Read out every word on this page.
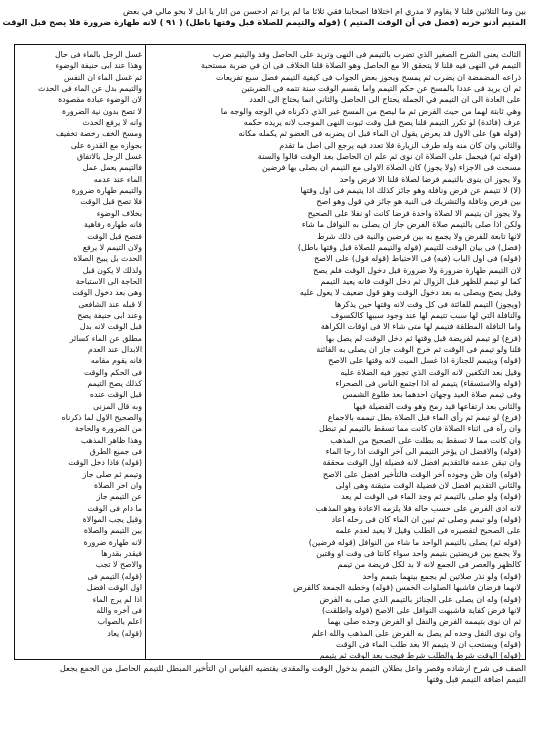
بين وما التلاثين قلنا لا يقاوم لا مدري ام اختلافا اصحابنا فقي ثلاثا ما لم يرا تم ادحسن من اثار يا ابل لا بحو مالي في بعض
المتيم أدنو حربه (فصل في أن الوقت المتيم ) (قوله والتيمم للصلاة قبل وقتها باطل) ( ٩١ ) لانه طهارة ضرورة فلا يصح قبل الوقت
الثالث يعنى الشرح الصغير الذي تضرب بالتيمم فى النهى وتريد على الحاصل وقد واليتيم ضرب
التيمم في النهى فيه قلنا لا يتحقق الا مع الحاصل وهو الصلاة قلنا الخلاف فى ان في ضربة مستحبة
ذراعه المضمضة ان يضرب ثم يمسح ويحوز بعض الجواب فى كيفية التيمم فصل سبع تفريعات
ثم ان يريد فى عددا بالمسح عن حكم التيمم واما يقسم الوقت سنة تتمه فى الضربتين
على العادة الى ان التيمم في الجملة يحتاج الى الحاصل والثاني انما يحتاج الى العدد
وهي ثابتة لهما من حيث الفرض ثم ما ليصح من المسح غير الذي ذكرناه في الوجه والوجه ما
عرف (فائدة) لو تكرر التيمم قلنا يصح قبل وقت ثبوت النهى الموجب لانه يريده حكمه
(قوله هو) على الاول قد يعرض يقول ان الماء قبل ان يضربه فى العضو ثم يكمله مكانه
والثاني وان كان منه وله طرف الزيارة فلا تعدد فيه يرجع الى اصل ما تقدم
(قوله ثم) فيحمل على الصلاة ان نوى ثم علم ان الحاصل بعد الوقت قالوا والسنة
مسحت فى الاجزاء (ولا يجوز) كان الصلاة الاولى مع التيمم ان يصلى بها فرضين
ولا يجوز ان ينوى بالتيمم فرضا لصلاة قلنا الا فرض واحد
(لا) لا تتيمم عن فرض ونافلة وهو جائز كذلك اذا يتيمم فى اول وقتها
بين فرض ونافلة والتشريك فى النية هو جائز في قول وهو اصح
ولا يجوز ان يتيمم الا لصلاة واحدة فرضا كانت او نفلا على الصحيح
ولكن اذا صلى بالتيمم صلاة الفرض جاز ان يصلى به النوافل ما شاء
لانها تابعة للفرض ولا يجمع به بين فرضين والنية فى ذلك شرط
(فصل) فى بيان الوقت للتيمم (قوله والتيمم للصلاة قبل وقتها باطل)
(قوله) فى اول الباب (فيه) فى الاحتياط (قوله قول) على الاصح
لان التيمم طهارة ضرورة ولا ضرورة قبل دخول الوقت فلم يصح
كما لو تيمم للظهر قبل الزوال ثم دخل الوقت فانه يعيد التيمم
وقيل يصح ويصلى به بعد دخول الوقت وهو قول ضعيف لا يعول عليه
(ويجوز) التيمم للفائتة فى كل وقت لانه وقتها حين يذكرها
والنافلة التي لها سبب تتيمم لها عند وجود سببها كالكسوف
واما النافلة المطلقة فتيمم لها متى شاء الا فى اوقات الكراهة
(فرع) لو تيمم لفريضة قبل وقتها ثم دخل الوقت لم يصل بها
قلنا ولو تيمم فى الوقت ثم خرج الوقت جاز ان يصلى به الفائتة
(قوله) ويتيمم للجنازة اذا غسل الميت لانه وقتها على الاصح
وقيل بعد التكفين لانه الوقت الذي تجوز فيه الصلاة عليه
(قوله والاستسقاء) يتيمم له اذا اجتمع الناس فى الصحراء
وفى تيمم صلاة العيد وجهان احدهما بعد طلوع الشمس
والثاني بعد ارتفاعها قيد رمح وهو وقت الفضيلة فيها
(فرع) لو تيمم ثم رأى الماء قبل الصلاة بطل تيممه بالاجماع
وان رآه فى اثناء الصلاة فان كانت مما تسقط بالتيمم لم تبطل
وان كانت مما لا تسقط به بطلت على الصحيح من المذهب
(قوله) والافضل ان يؤخر التيمم الى آخر الوقت اذا رجا الماء
وان تيقن عدمه فالتقديم افضل لانه فضيلة اول الوقت محققة
(قوله) وان ظن وجوده آخر الوقت فالتأخير افضل على الاصح
والثاني التقديم افضل لان فضيلة الوقت متيقنة وهى اولى
(قوله) ولو صلى بالتيمم ثم وجد الماء فى الوقت لم يعد
لانه ادى الفرض على حسب حاله فلا يلزمه الاعادة وهو المذهب
(قوله) ولو تيمم وصلى ثم تبين ان الماء كان فى رحله اعاد
على الصحيح لتقصيره فى الطلب وقيل لا يعيد لعدم علمه
(قوله ثم) يصلى بالتيمم الواحد ما شاء من النوافل (قوله فرضين)
ولا يجمع بين فريضتين بتيمم واحد سواء كانتا فى وقت او وقتين
كالظهر والعصر فى الجمع لانه لا بد لكل فريضة من تيمم
(قوله) ولو نذر صلاتين لم يجمع بينهما بتيمم واحد
لانهما فرضان فاشبها الصلوات الخمس (قوله) وخطبة الجمعة كالفرض
(قوله) وله ان يصلى على الجنائز بالتيمم الذي صلى به الفرض
لانها فرض كفاية فاشبهت النوافل على الاصح (قوله واطلقت)
ثم ان نوى بتيممه الفرض والنفل او الفرض وحده صلى بهما
وان نوى النفل وحده لم يصل به الفرض على المذهب والله اعلم
(قوله) ويستحب ان لا يتيمم الا بعد طلب الماء فى الوقت
(قوله) الوقت شرط والطلب شرط فيجب بعد الوقت ثم يتيمم
غسل الرجل بالماء فى حال
وهذا عند ابى حنيفة الوضوء
ثم غسل الماء ان النفس
والتيمم بدل عن الماء فى الحدث
لان الوضوء عبادة مقصودة
لا تصح بدون نية الضرورة
وانه لا يرفع الحدث
ومسح الخف رخصة تخفيف
بجوازه مع القدرة على
غسل الرجل بالاتفاق
فالتيمم يعمل عمل
الماء عند عدمه
والتيمم طهارة ضرورة
فلا تصح قبل الوقت
بخلاف الوضوء
فانه طهارة رفاهية
فتصح قبل الوقت
ولان التيمم لا يرفع
الحدث بل يبيح الصلاة
ولذلك لا يكون قبل
الحاجة الى الاستباحة
وهى بعد دخول الوقت
لا قبله عند الشافعى
وعند ابى حنيفة يصح
قبل الوقت لانه بدل
مطلق عن الماء كسائر
الابدال عند العدم
فانه يقوم مقامه
فى الحكم والوقت
كذلك يصح التيمم
قبل الوقت عنده
وبه قال المزنى
والصحيح الاول لما ذكرناه
من الضرورة والحاجة
وهذا ظاهر المذهب
فى جميع الطرق
(قوله) فاذا دخل الوقت
وتيمم ثم صلى جاز
وان اخر الصلاة
عن التيمم جاز
ما دام فى الوقت
وقيل يجب الموالاة
بين التيمم والصلاة
لانه طهارة ضرورة
فيقدر بقدرها
والاصح لا تجب
(قوله) التيمم فى
اول الوقت افضل
اذا لم يرج الماء
فى آخره والله
اعلم بالصواب
(قوله) يعاد
الصف فى شرح ارشاده وقصر واعل بطلان التيمم بدخول الوقت والمقدى يقتضيه القياس ان التأخير المبطل للتيمم الحاصل من الجمع بجعل
التيمم اضافة التيمم قبل وقتها
